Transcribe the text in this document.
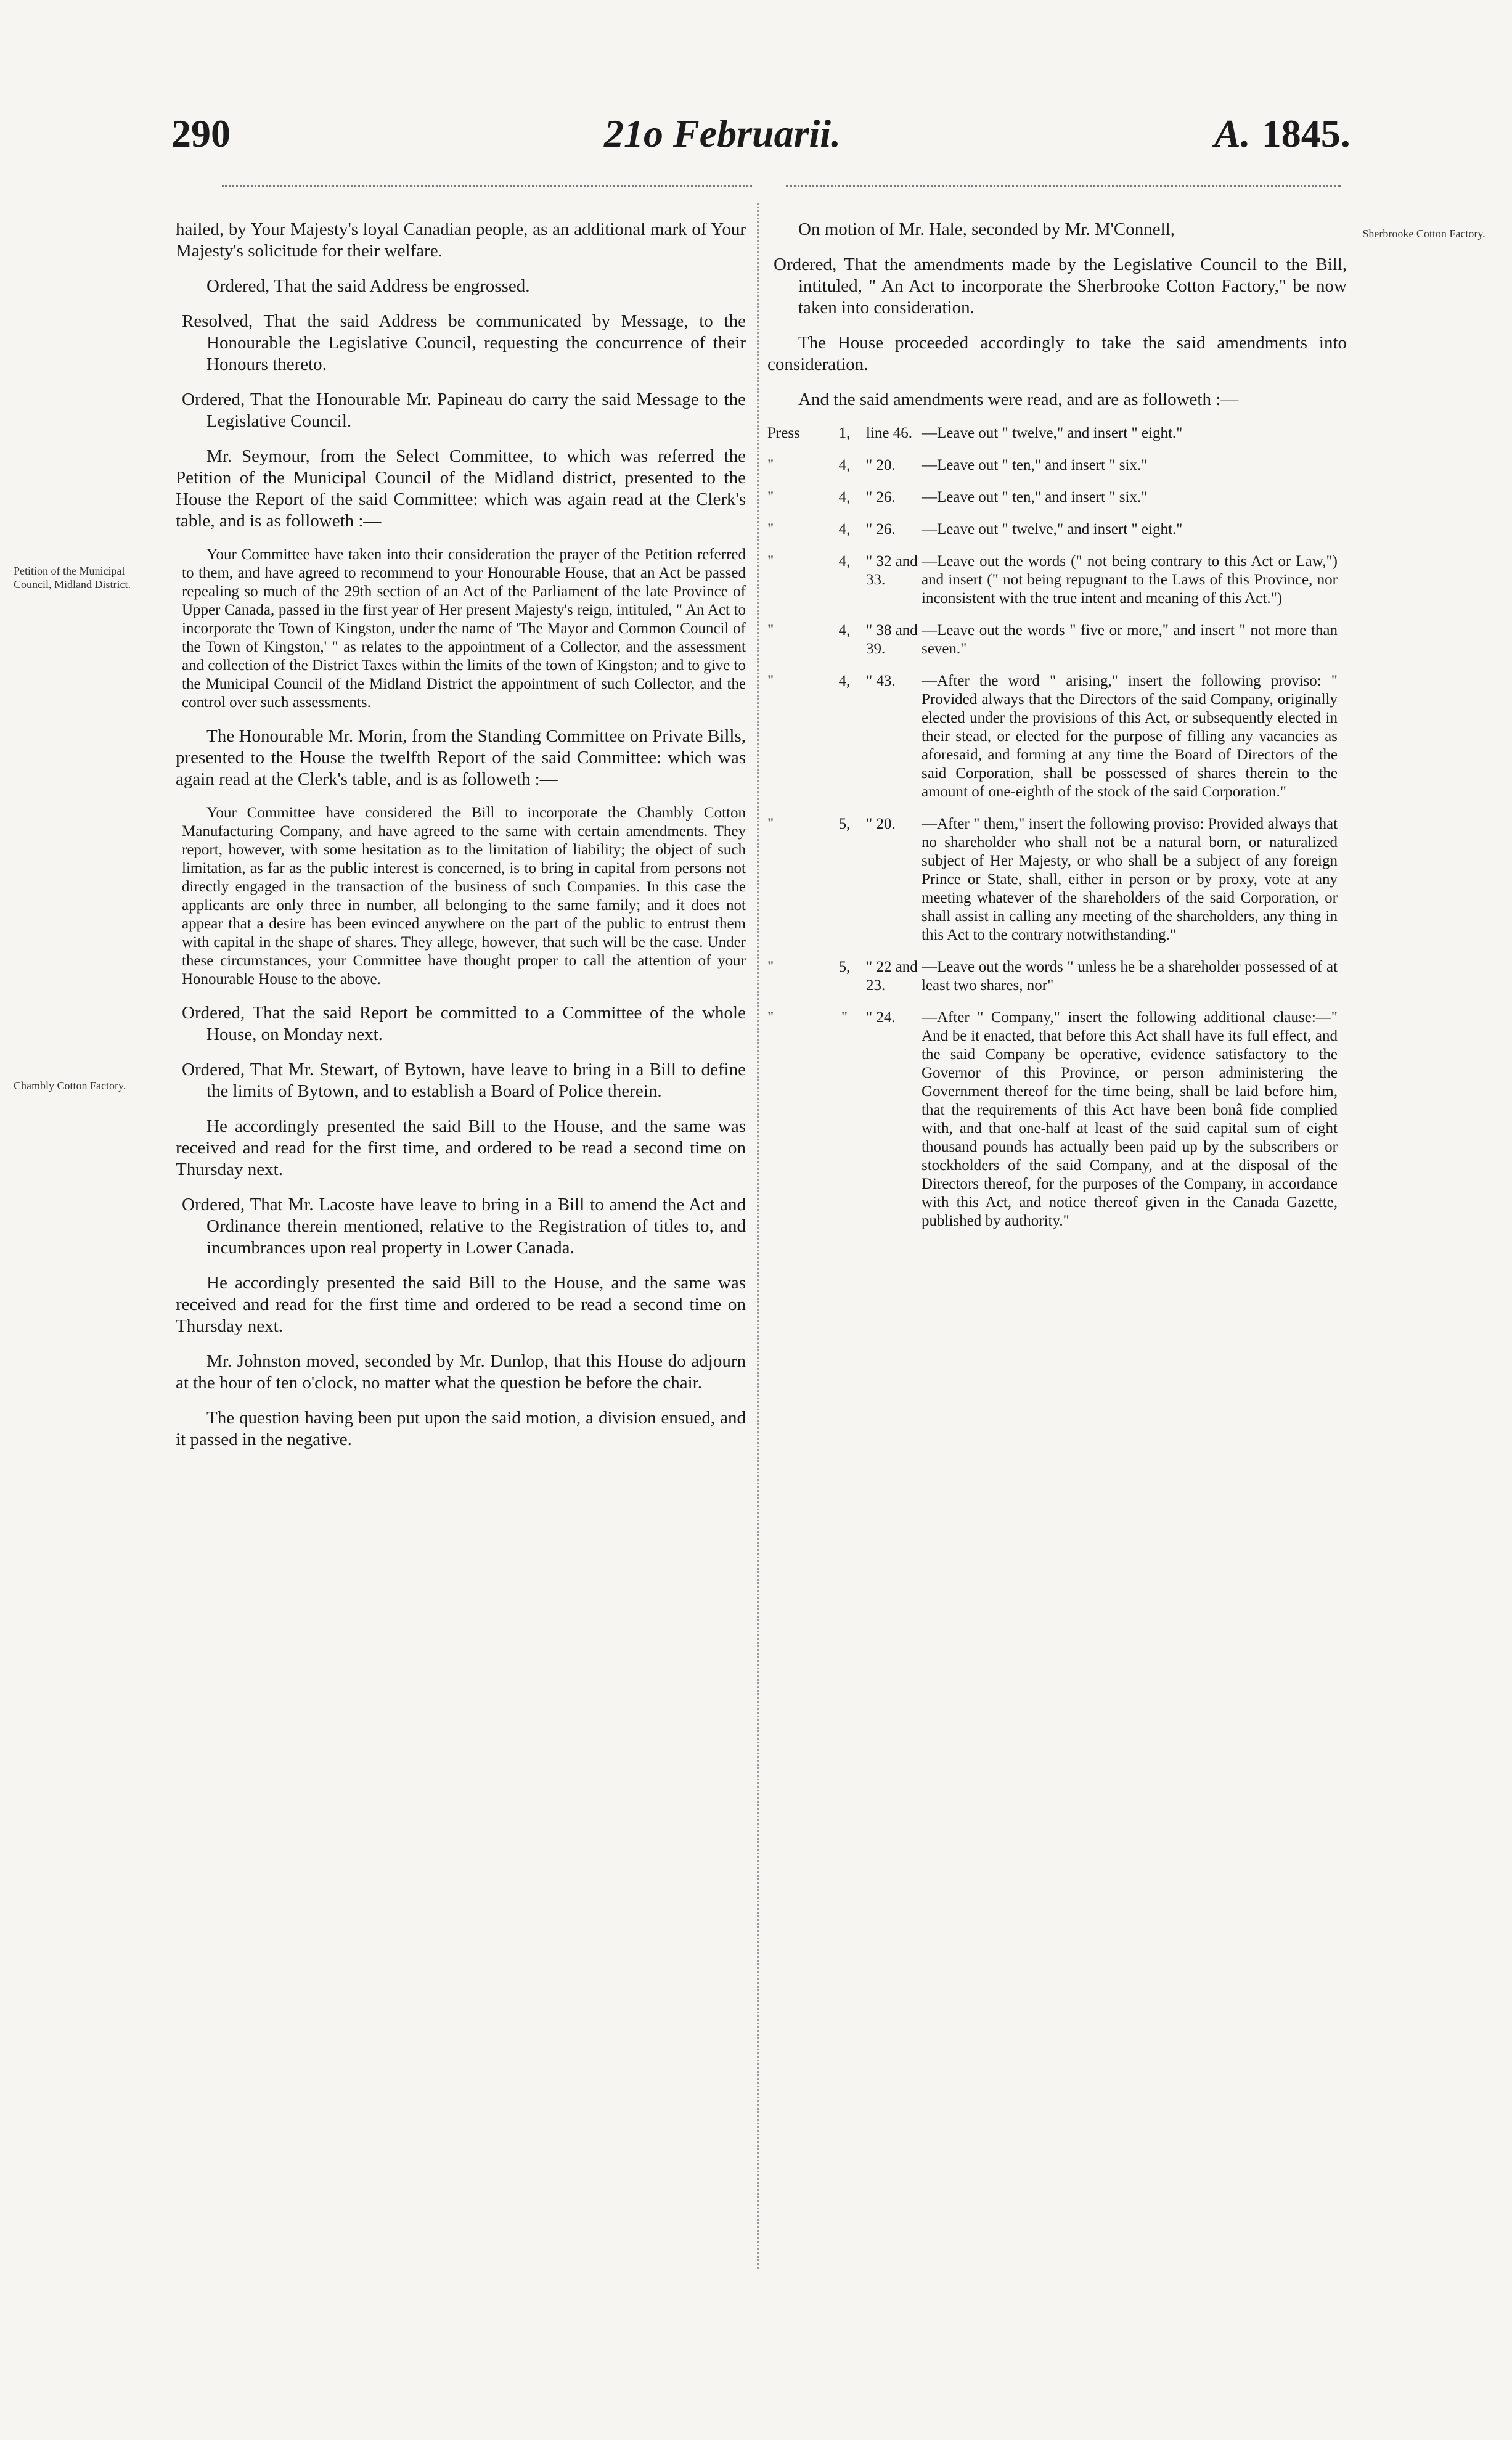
290	21o Februarii.	A. 1845.
Petition of the Municipal Council, Midland District.
Chambly Cotton Factory.
Sherbrooke Cotton Factory.

hailed, by Your Majesty's loyal Canadian people, as an additional mark of Your Majesty's solicitude for their welfare.

Ordered, That the said Address be engrossed.

Resolved, That the said Address be communicated by Message, to the Honourable the Legislative Council, requesting the concurrence of their Honours thereto.

Ordered, That the Honourable Mr. Papineau do carry the said Message to the Legislative Council.

Mr. Seymour, from the Select Committee, to which was referred the Petition of the Municipal Council of the Midland district, presented to the House the Report of the said Committee: which was again read at the Clerk's table, and is as followeth :—

Your Committee have taken into their consideration the prayer of the Petition referred to them, and have agreed to recommend to your Honourable House, that an Act be passed repealing so much of the 29th section of an Act of the Parliament of the late Province of Upper Canada, passed in the first year of Her present Majesty's reign, intituled, " An Act to incorporate the Town of Kingston, under the name of 'The Mayor and Common Council of the Town of Kingston,' " as relates to the appointment of a Collector, and the assessment and collection of the District Taxes within the limits of the town of Kingston; and to give to the Municipal Council of the Midland District the appointment of such Collector, and the control over such assessments.

The Honourable Mr. Morin, from the Standing Committee on Private Bills, presented to the House the twelfth Report of the said Committee: which was again read at the Clerk's table, and is as followeth :—

Your Committee have considered the Bill to incorporate the Chambly Cotton Manufacturing Company, and have agreed to the same with certain amendments. They report, however, with some hesitation as to the limitation of liability; the object of such limitation, as far as the public interest is concerned, is to bring in capital from persons not directly engaged in the transaction of the business of such Companies. In this case the applicants are only three in number, all belonging to the same family; and it does not appear that a desire has been evinced anywhere on the part of the public to entrust them with capital in the shape of shares. They allege, however, that such will be the case. Under these circumstances, your Committee have thought proper to call the attention of your Honourable House to the above.

Ordered, That the said Report be committed to a Committee of the whole House, on Monday next.

Ordered, That Mr. Stewart, of Bytown, have leave to bring in a Bill to define the limits of Bytown, and to establish a Board of Police therein.

He accordingly presented the said Bill to the House, and the same was received and read for the first time, and ordered to be read a second time on Thursday next.

Ordered, That Mr. Lacoste have leave to bring in a Bill to amend the Act and Ordinance therein mentioned, relative to the Registration of titles to, and incumbrances upon real property in Lower Canada.

He accordingly presented the said Bill to the House, and the same was received and read for the first time and ordered to be read a second time on Thursday next.

Mr. Johnston moved, seconded by Mr. Dunlop, that this House do adjourn at the hour of ten o'clock, no matter what the question be before the chair.

The question having been put upon the said motion, a division ensued, and it passed in the negative.

On motion of Mr. Hale, seconded by Mr. M'Connell,

Ordered, That the amendments made by the Legislative Council to the Bill, intituled, " An Act to incorporate the Sherbrooke Cotton Factory," be now taken into consideration.

The House proceeded accordingly to take the said amendments into consideration.

And the said amendments were read, and are as followeth :—

Press	1,	line 46.	—Leave out " twelve," and insert " eight."
"	4,	" 20.	—Leave out " ten," and insert " six."
"	4,	" 26.	—Leave out " ten," and insert " six."
"	4,	" 26.	—Leave out " twelve," and insert " eight."
"	4,	" 32 and 33.	—Leave out the words (" not being contrary to this Act or Law,") and insert (" not being repugnant to the Laws of this Province, nor inconsistent with the true intent and meaning of this Act.")
"	4,	" 38 and 39.	—Leave out the words " five or more," and insert " not more than seven."
"	4,	" 43.	—After the word " arising," insert the following proviso: " Provided always that the Directors of the said Company, originally elected under the provisions of this Act, or subsequently elected in their stead, or elected for the purpose of filling any vacancies as aforesaid, and forming at any time the Board of Directors of the said Corporation, shall be possessed of shares therein to the amount of one-eighth of the stock of the said Corporation."
"	5,	" 20.	—After " them," insert the following proviso: Provided always that no shareholder who shall not be a natural born, or naturalized subject of Her Majesty, or who shall be a subject of any foreign Prince or State, shall, either in person or by proxy, vote at any meeting whatever of the shareholders of the said Corporation, or shall assist in calling any meeting of the shareholders, any thing in this Act to the contrary notwithstanding."
"	5,	" 22 and 23.	—Leave out the words " unless he be a shareholder possessed of at least two shares, nor"
"	"	" 24.	—After " Company," insert the following additional clause:—" And be it enacted, that before this Act shall have its full effect, and the said Company be operative, evidence satisfactory to the Governor of this Province, or person administering the Government thereof for the time being, shall be laid before him, that the requirements of this Act have been bonâ fide complied with, and that one-half at least of the said capital sum of eight thousand pounds has actually been paid up by the subscribers or stockholders of the said Company, and at the disposal of the Directors thereof, for the purposes of the Company, in accordance with this Act, and notice thereof given in the Canada Gazette, published by authority."
